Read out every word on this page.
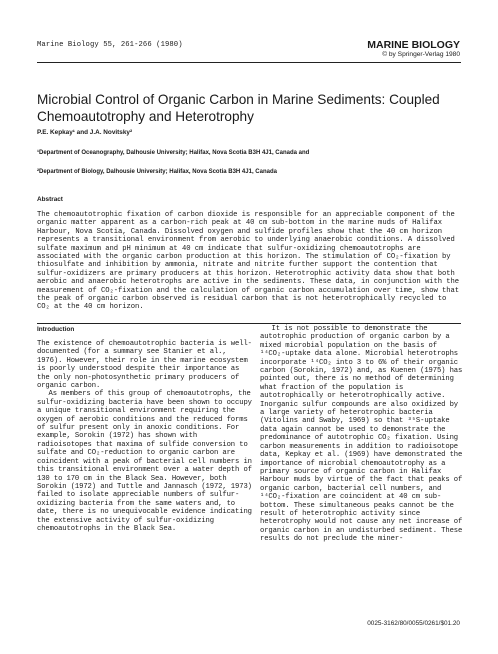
Marine Biology 55, 261-266 (1980)	MARINE BIOLOGY
© by Springer-Verlag 1980
Microbial Control of Organic Carbon in Marine Sediments: Coupled Chemoautotrophy and Heterotrophy
P.E. Kepkay¹ and J.A. Novitsky²
¹Department of Oceanography, Dalhousie University; Halifax, Nova Scotia B3H 4J1, Canada and
²Department of Biology, Dalhousie University; Halifax, Nova Scotia B3H 4J1, Canada
Abstract
The chemoautotrophic fixation of carbon dioxide is responsible for an appreciable component of the organic matter apparent as a carbon-rich peak at 40 cm sub-bottom in the marine muds of Halifax Harbour, Nova Scotia, Canada. Dissolved oxygen and sulfide profiles show that the 40 cm horizon represents a transitional environment from aerobic to underlying anaerobic conditions. A dissolved sulfate maximum and pH minimum at 40 cm indicate that sulfur-oxidizing chemoautotrophs are associated with the organic carbon production at this horizon. The stimulation of CO₂-fixation by thiosulfate and inhibition by ammonia, nitrate and nitrite further support the contention that sulfur-oxidizers are primary producers at this horizon. Heterotrophic activity data show that both aerobic and anaerobic heterotrophs are active in the sediments. These data, in conjunction with the measurement of CO₂-fixation and the calculation of organic carbon accumulation over time, show that the peak of organic carbon observed is residual carbon that is not heterotrophically recycled to CO₂ at the 40 cm horizon.
Introduction

The existence of chemoautotrophic bacteria is well-documented (for a summary see Stanier et al., 1976). However, their role in the marine ecosystem is poorly understood despite their importance as the only non-photosynthetic primary producers of organic carbon.

As members of this group of chemoautotrophs, the sulfur-oxidizing bacteria have been shown to occupy a unique transitional environment requiring the oxygen of aerobic conditions and the reduced forms of sulfur present only in anoxic conditions. For example, Sorokin (1972) has shown with radioisotopes that maxima of sulfide conversion to sulfate and CO₂-reduction to organic carbon are coincident with a peak of bacterial cell numbers in this transitional environment over a water depth of 130 to 170 cm in the Black Sea. However, both Sorokin (1972) and Tuttle and Jannasch (1972, 1973) failed to isolate appreciable numbers of sulfur-oxidizing bacteria from the same waters and, to date, there is no unequivocable evidence indicating the extensive activity of sulfur-oxidizing chemoautotrophs in the Black Sea.

It is not possible to demonstrate the autotrophic production of organic carbon by a mixed microbial population on the basis of ¹⁴CO₂-uptake data alone. Microbial heterotrophs incorporate ¹⁴CO₂ into 3 to 6% of their organic carbon (Sorokin, 1972) and, as Kuenen (1975) has pointed out, there is no method of determining what fraction of the population is autotrophically or heterotrophically active. Inorganic sulfur compounds are also oxidized by a large variety of heterotrophic bacteria (Vitolins and Swaby, 1969) so that ³⁵S-uptake data again cannot be used to demonstrate the predominance of autotrophic CO₂ fixation. Using carbon measurements in addition to radioisotope data, Kepkay et al. (1969) have demonstrated the importance of microbial chemoautotrophy as a primary source of organic carbon in Halifax Harbour muds by virtue of the fact that peaks of organic carbon, bacterial cell numbers, and ¹⁴CO₂-fixation are coincident at 40 cm sub-bottom. These simultaneous peaks cannot be the result of heterotrophic activity since heterotrophy would not cause any net increase of organic carbon in an undisturbed sediment. These results do not preclude the miner-

0025-3162/80/0055/0261/$01.20
